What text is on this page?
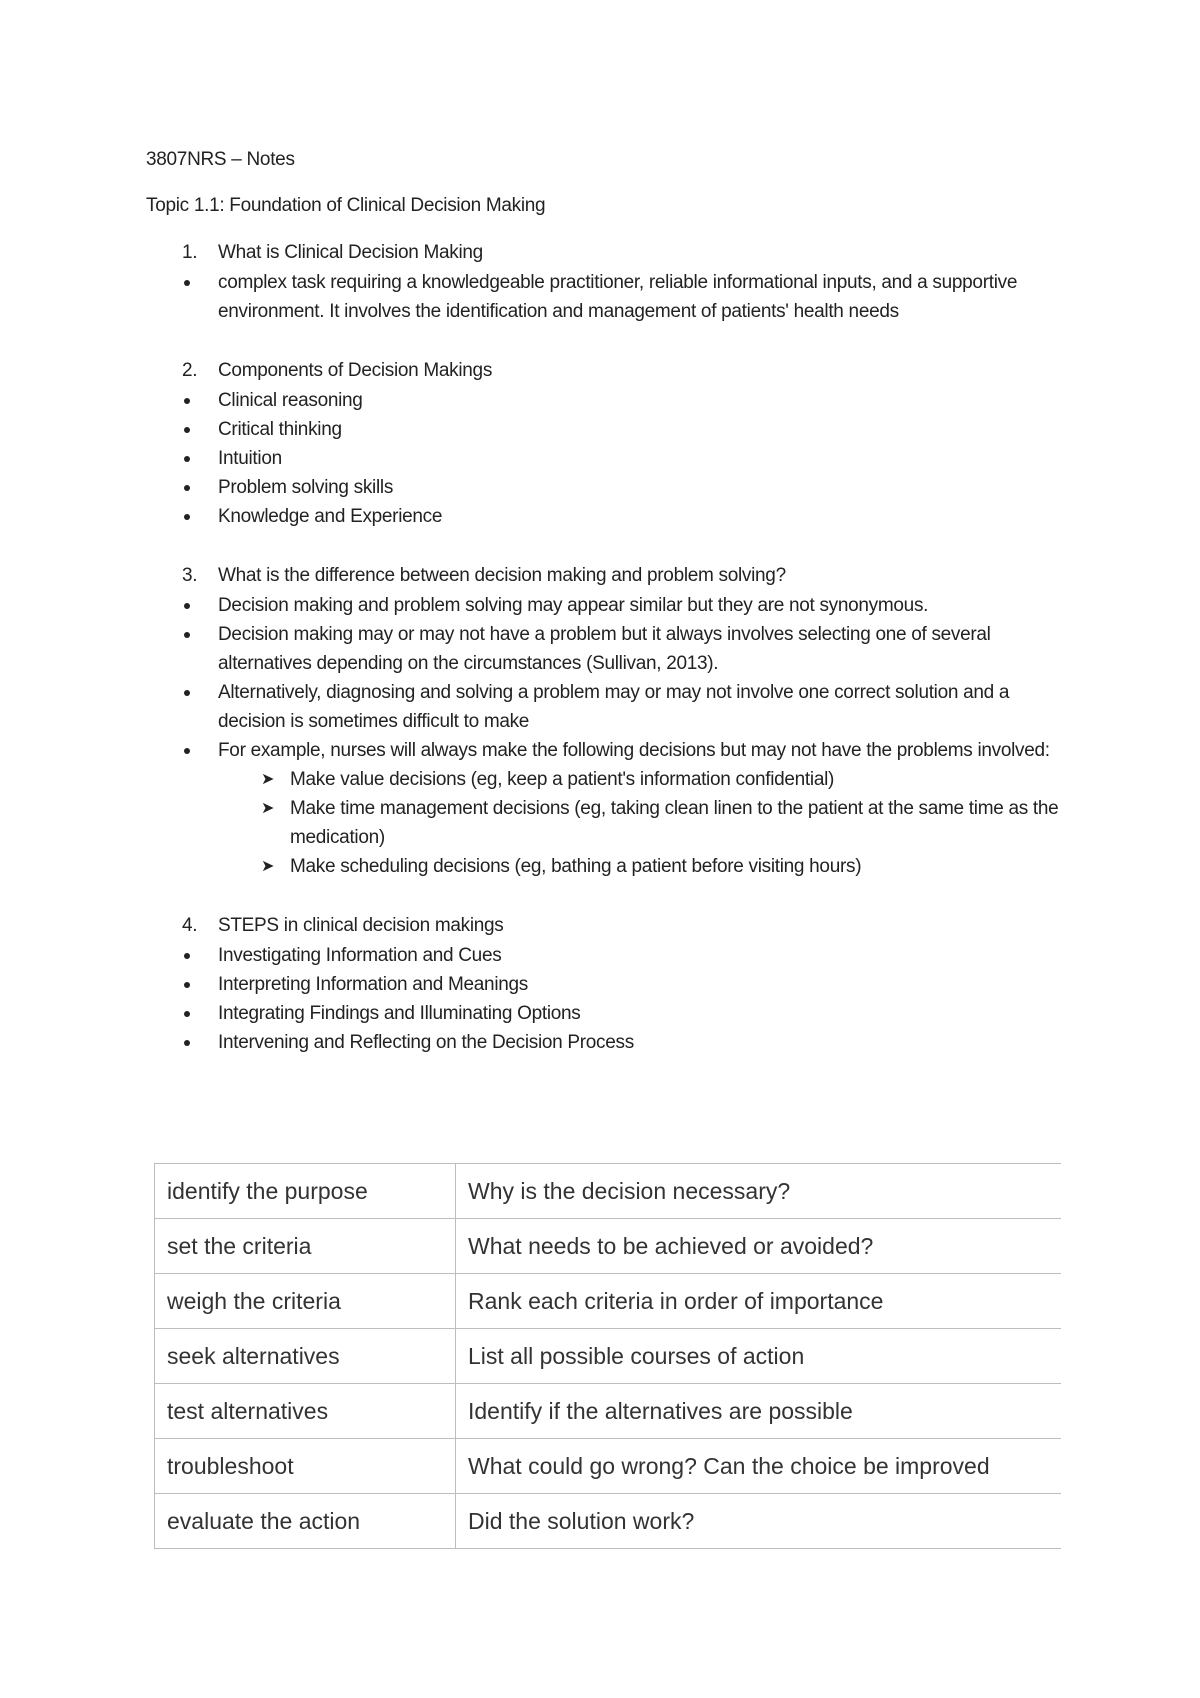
3807NRS – Notes
Topic 1.1: Foundation of Clinical Decision Making
1. What is Clinical Decision Making
complex task requiring a knowledgeable practitioner, reliable informational inputs, and a supportive environment. It involves the identification and management of patients' health needs
2. Components of Decision Makings
Clinical reasoning
Critical thinking
Intuition
Problem solving skills
Knowledge and Experience
3. What is the difference between decision making and problem solving?
Decision making and problem solving may appear similar but they are not synonymous.
Decision making may or may not have a problem but it always involves selecting one of several alternatives depending on the circumstances (Sullivan, 2013).
Alternatively, diagnosing and solving a problem may or may not involve one correct solution and a decision is sometimes difficult to make
For example, nurses will always make the following decisions but may not have the problems involved:
➤ Make value decisions (eg, keep a patient's information confidential)
➤ Make time management decisions (eg, taking clean linen to the patient at the same time as the medication)
➤ Make scheduling decisions (eg, bathing a patient before visiting hours)
4. STEPS in clinical decision makings
Investigating Information and Cues
Interpreting Information and Meanings
Integrating Findings and Illuminating Options
Intervening and Reflecting on the Decision Process
identify the purpose	Why is the decision necessary?
set the criteria	What needs to be achieved or avoided?
weigh the criteria	Rank each criteria in order of importance
seek alternatives	List all possible courses of action
test alternatives	Identify if the alternatives are possible
troubleshoot	What could go wrong? Can the choice be improved
evaluate the action	Did the solution work?
